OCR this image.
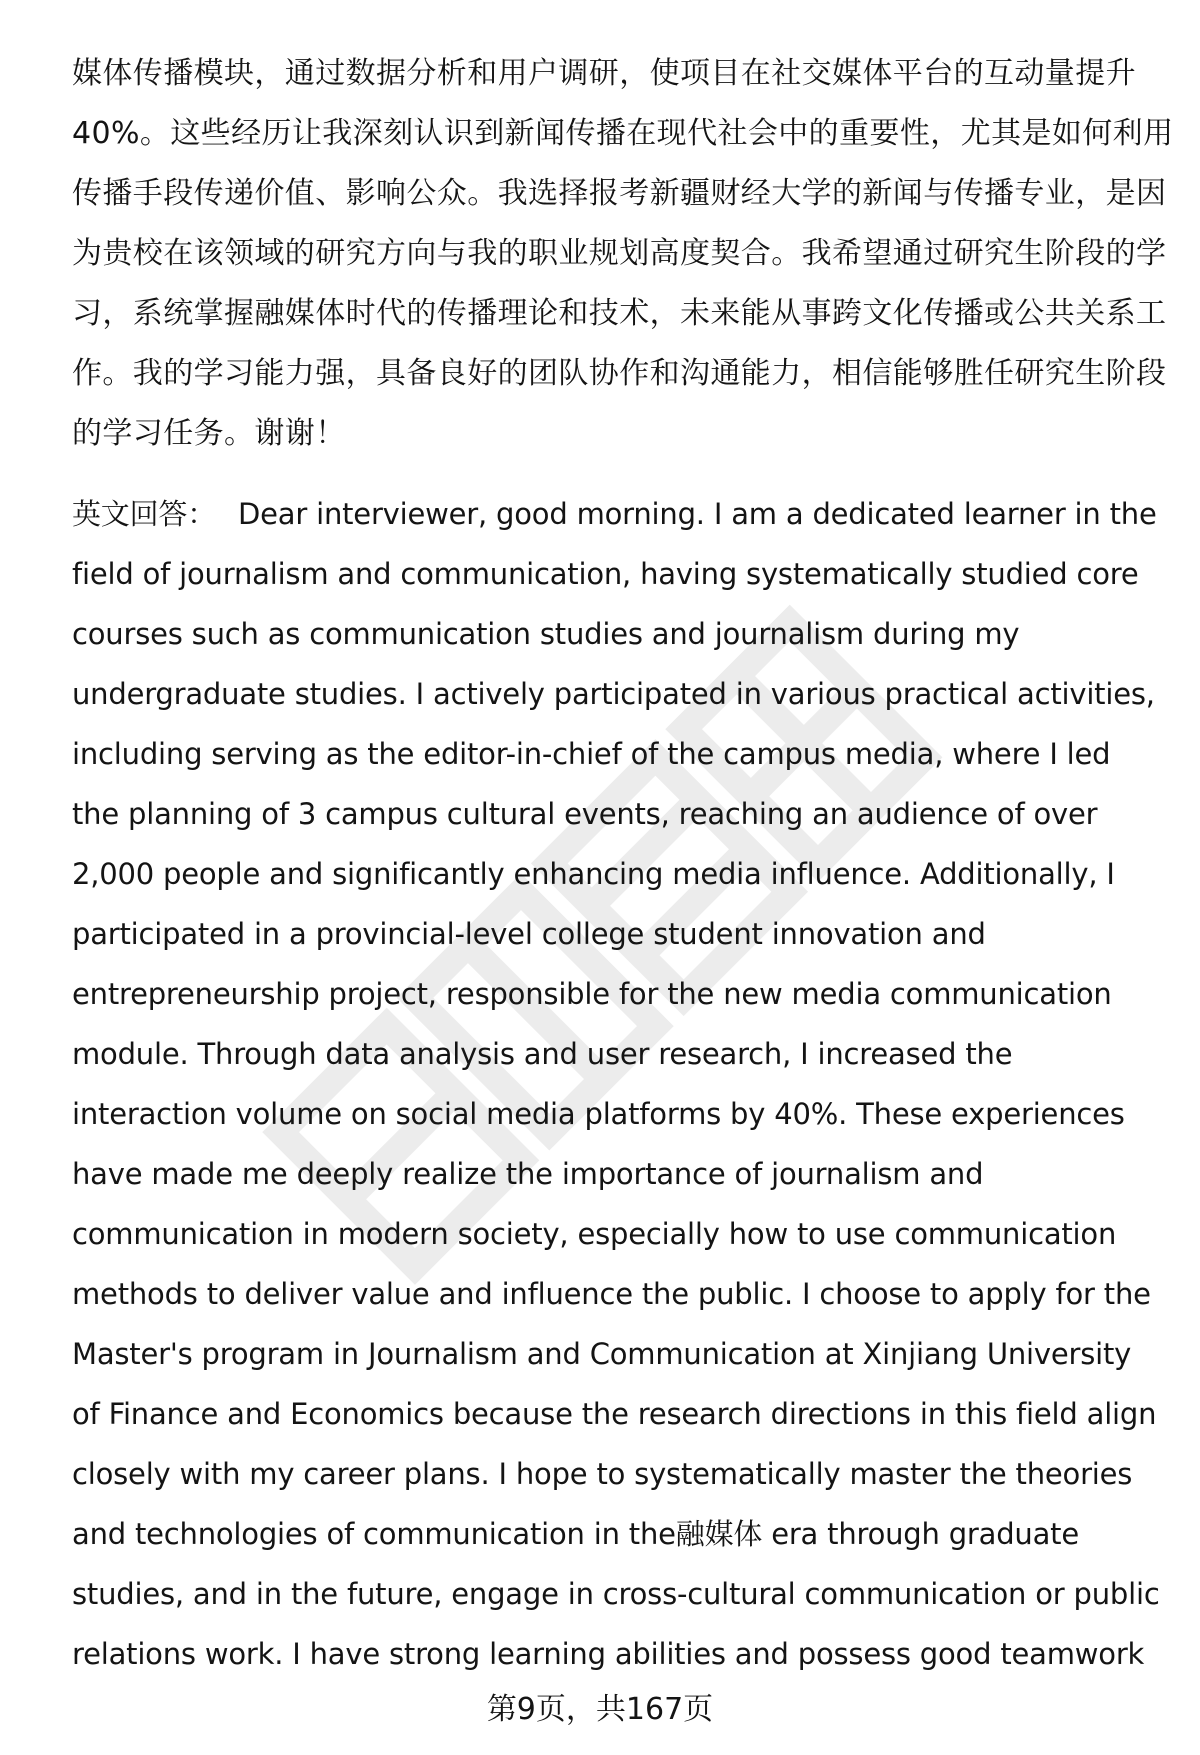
媒体传播模块，通过数据分析和用户调研，使项目在社交媒体平台的互动量提升
40%。这些经历让我深刻认识到新闻传播在现代社会中的重要性，尤其是如何利用
传播手段传递价值、影响公众。我选择报考新疆财经大学的新闻与传播专业，是因
为贵校在该领域的研究方向与我的职业规划高度契合。我希望通过研究生阶段的学
习，系统掌握融媒体时代的传播理论和技术，未来能从事跨文化传播或公共关系工
作。我的学习能力强，具备良好的团队协作和沟通能力，相信能够胜任研究生阶段
的学习任务。谢谢！
英文回答： Dear interviewer, good morning. I am a dedicated learner in the
field of journalism and communication, having systematically studied core
courses such as communication studies and journalism during my
undergraduate studies. I actively participated in various practical activities,
including serving as the editor-in-chief of the campus media, where I led
the planning of 3 campus cultural events, reaching an audience of over
2,000 people and significantly enhancing media influence. Additionally, I
participated in a provincial-level college student innovation and
entrepreneurship project, responsible for the new media communication
module. Through data analysis and user research, I increased the
interaction volume on social media platforms by 40%. These experiences
have made me deeply realize the importance of journalism and
communication in modern society, especially how to use communication
methods to deliver value and influence the public. I choose to apply for the
Master's program in Journalism and Communication at Xinjiang University
of Finance and Economics because the research directions in this field align
closely with my career plans. I hope to systematically master the theories
and technologies of communication in the融媒体 era through graduate
studies, and in the future, engage in cross-cultural communication or public
relations work. I have strong learning abilities and possess good teamwork
第9页，共167页
